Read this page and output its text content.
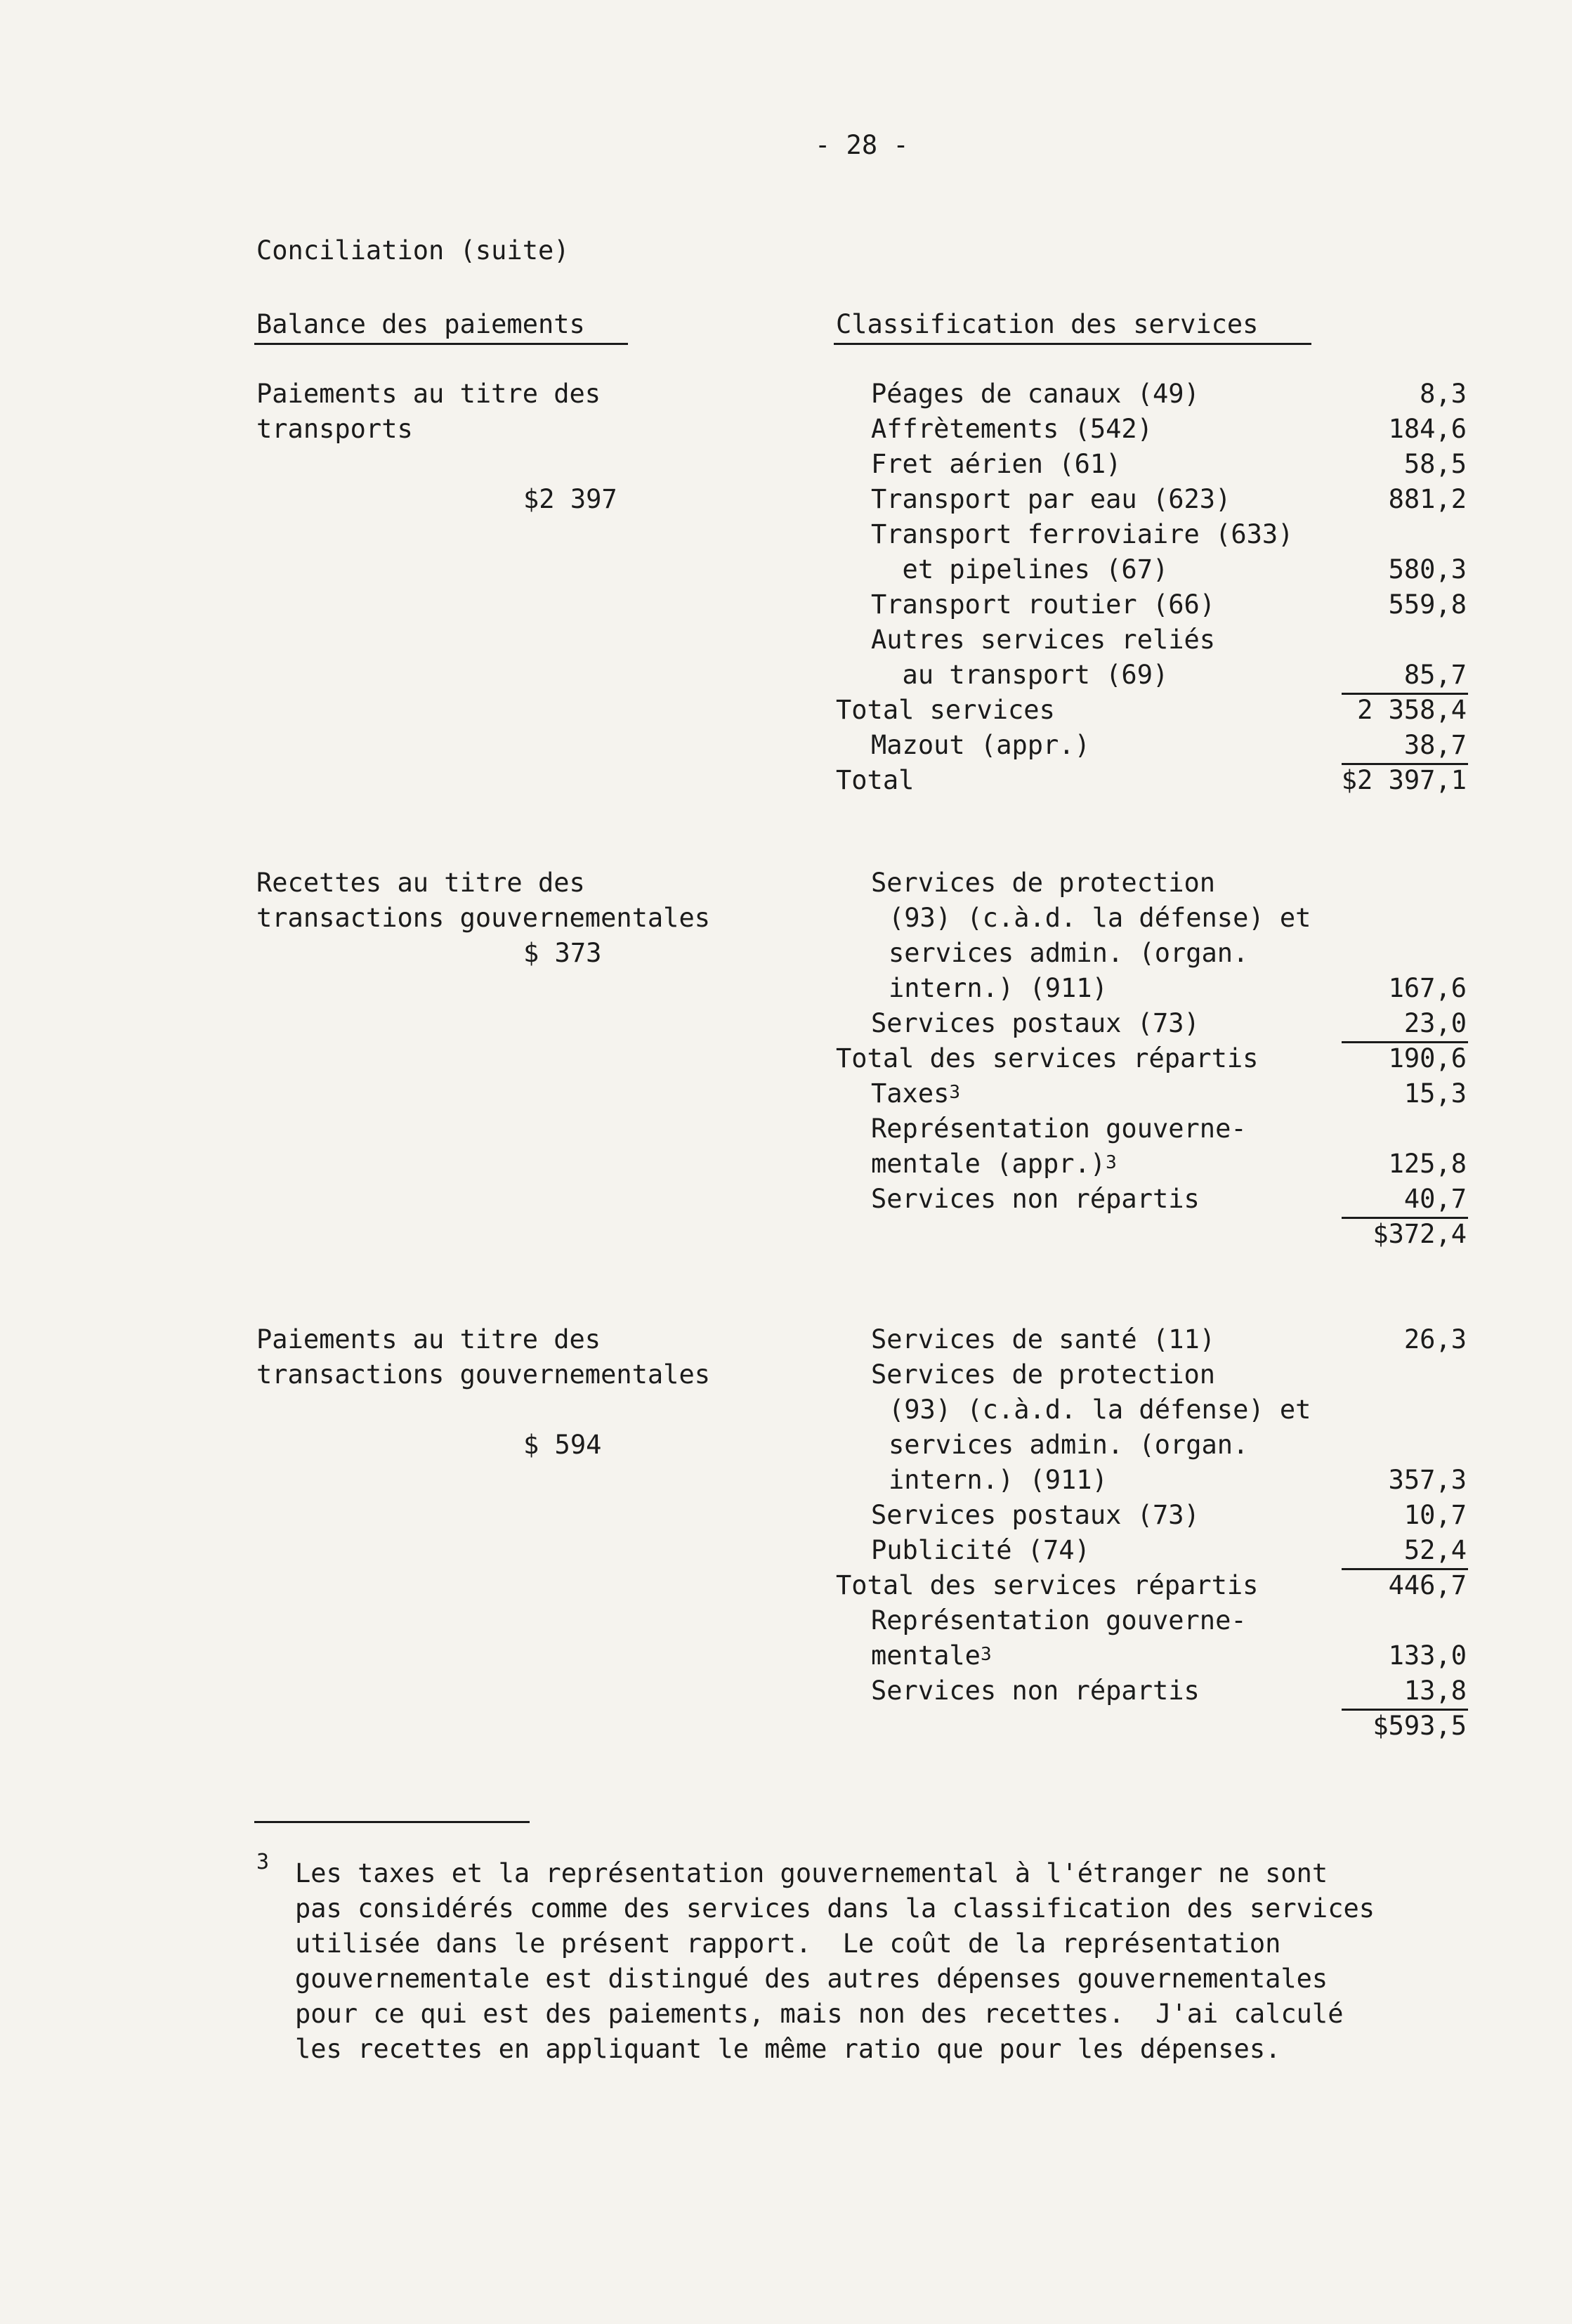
- 28 -
Conciliation (suite)
Balance des paiements	Classification des services
Paiements au titre des
transports
$2 397
Péages de canaux (49)	8,3
Affrètements (542)	184,6
Fret aérien (61)	58,5
Transport par eau (623)	881,2
Transport ferroviaire (633)
et pipelines (67)	580,3
Transport routier (66)	559,8
Autres services reliés
au transport (69)	85,7
Total services	2 358,4
Mazout (appr.)	38,7
Total	$2 397,1
Recettes au titre des
transactions gouvernementales
$ 373
Services de protection
(93) (c.à.d. la défense) et
services admin. (organ.
intern.) (911)	167,6
Services postaux (73)	23,0
Total des services répartis	190,6
Taxes$^3$	15,3
Représentation gouverne-
mentale (appr.)$^3$	125,8
Services non répartis	40,7
$372,4
Paiements au titre des
transactions gouvernementales
$ 594
Services de santé (11)	26,3
Services de protection
(93) (c.à.d. la défense) et
services admin. (organ.
intern.) (911)	357,3
Services postaux (73)	10,7
Publicité (74)	52,4
Total des services répartis	446,7
Représentation gouverne-
mentale$^3$	133,0
Services non répartis	13,8
$593,5
3 Les taxes et la représentation gouvernemental à l'étranger ne sont
pas considérés comme des services dans la classification des services
utilisée dans le présent rapport.  Le coût de la représentation
gouvernementale est distingué des autres dépenses gouvernementales
pour ce qui est des paiements, mais non des recettes.  J'ai calculé
les recettes en appliquant le même ratio que pour les dépenses.
